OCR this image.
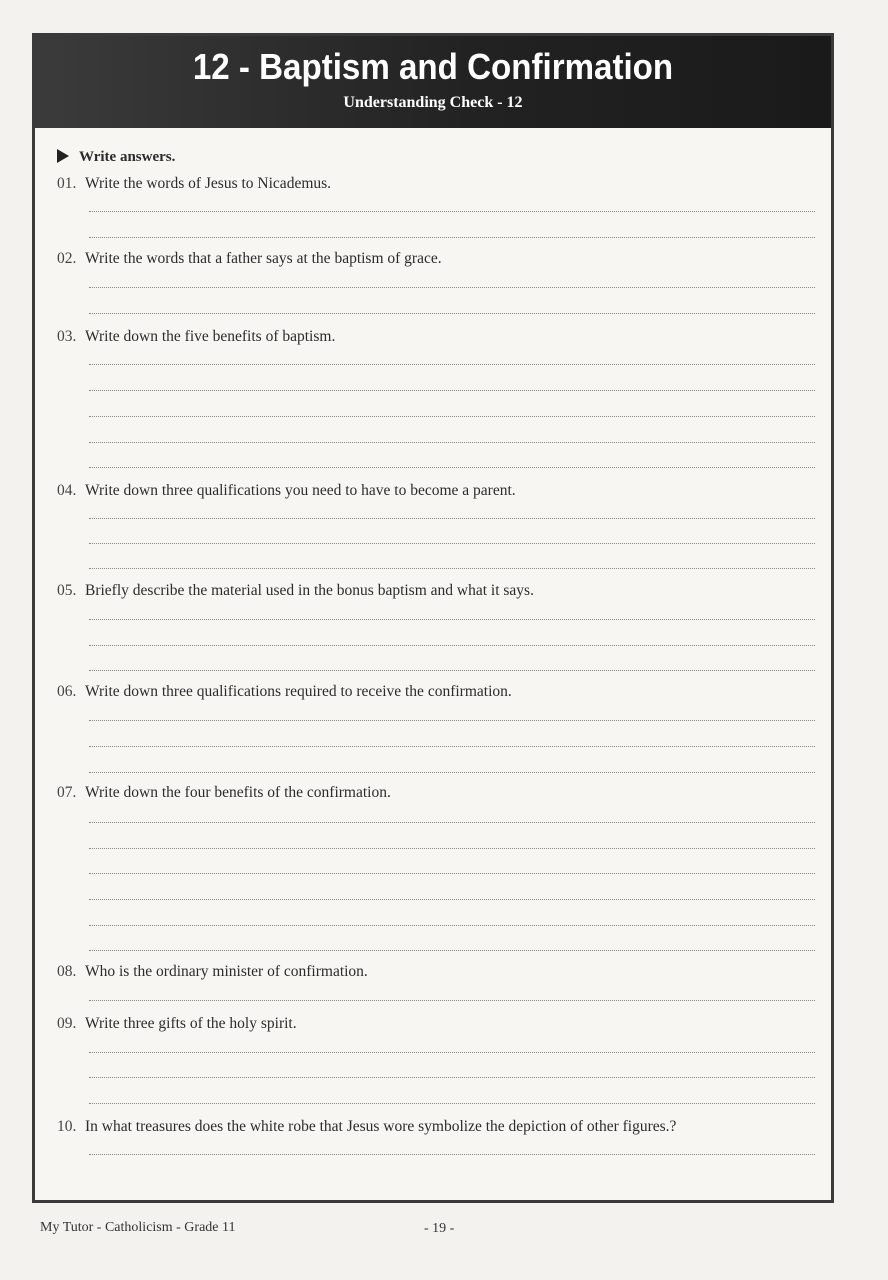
12 - Baptism and Confirmation
Understanding Check - 12
Write answers.
01. Write the words of Jesus to Nicademus.
02. Write the words that a father says at the baptism of grace.
03. Write down the five benefits of baptism.
04. Write down three qualifications you need to have to become a parent.
05. Briefly describe the material used in the bonus baptism and what it says.
06. Write down three qualifications required to receive the confirmation.
07. Write down the four benefits of the confirmation.
08. Who is the ordinary minister of confirmation.
09. Write three gifts of the holy spirit.
10. In what treasures does the white robe that Jesus wore symbolize the depiction of other figures.?
My Tutor - Catholicism - Grade 11	- 19 -
